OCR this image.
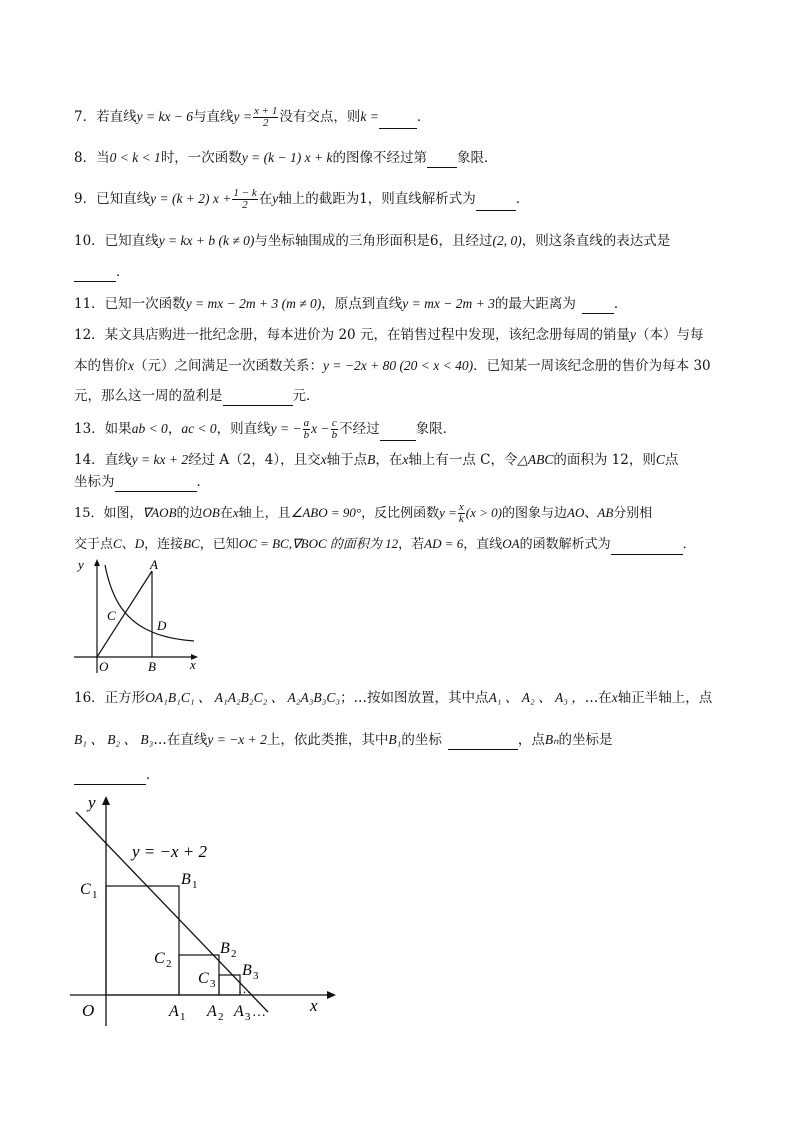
7．若直线y = kx − 6与直线$y = \frac{x + 1}{2}$ 没有交点，则k =	．
8．当0 < k < 1时，一次函数y = (k − 1) x + k的图像不经过第 象限．
9．已知直线y = (k + 2) $x + \frac{1 - k}{2}$ 在y轴上的截距为1，则直线解析式为	．
10．已知直线y = kx + b (k ≠ 0)与坐标轴围成的三角形面积是6，且经过(2, 0)，则这条直线的表达式是
．
11．已知一次函数y = mx − 2m + 3 (m ≠ 0)，原点到直线y = mx − 2m + 3的最大距离为	．
12．某文具店购进一批纪念册，每本进价为 20 元，在销售过程中发现，该纪念册每周的销量y（本）与每
本的售价x（元）之间满足一次函数关系：y = −2x + 80 (20 < x < 40)．已知某一周该纪念册的售价为每本 30
元，那么这一周的盈利是	元．
13．如果ab < 0，ac < 0，则直线y = − $\frac{a}{b}$ $x - \frac{c}{b}$ 不经过	象限．
14．直线y = kx + 2经过 A（2，4），且交x轴于点B，在x轴上有一点 C，令△ABC的面积为 12，则C点
坐标为	．
15．如图，∇AOB的边OB在x轴上，且∠ABO = 90°，反比例函数$y = \frac{x}{k} (x > 0)$的图象与边AO、AB分别相
交于点C、D，连接BC，已知OC = BC,∇BOC 的面积为 12，若AD = 6，直线OA的函数解析式为	．
y	A
C
D
O	B	x
16．正方形OA₁B₁C₁ 、 A₁A₂B₂C₂ 、 A₂A₃B₃C₃；…按如图放置，其中点A₁ 、 A₂ 、 A₃ ，…在x轴正半轴上，点
B₁ 、 B₂ 、 B₃…在直线y = −x + 2上，依此类推，其中B₁的坐标	，点Bₙ的坐标是
．
y
y = −x + 2
C 1
C 2
C 3
B 1
B 2
B 3
…
O	A 1 A 2 A 3 …	x
